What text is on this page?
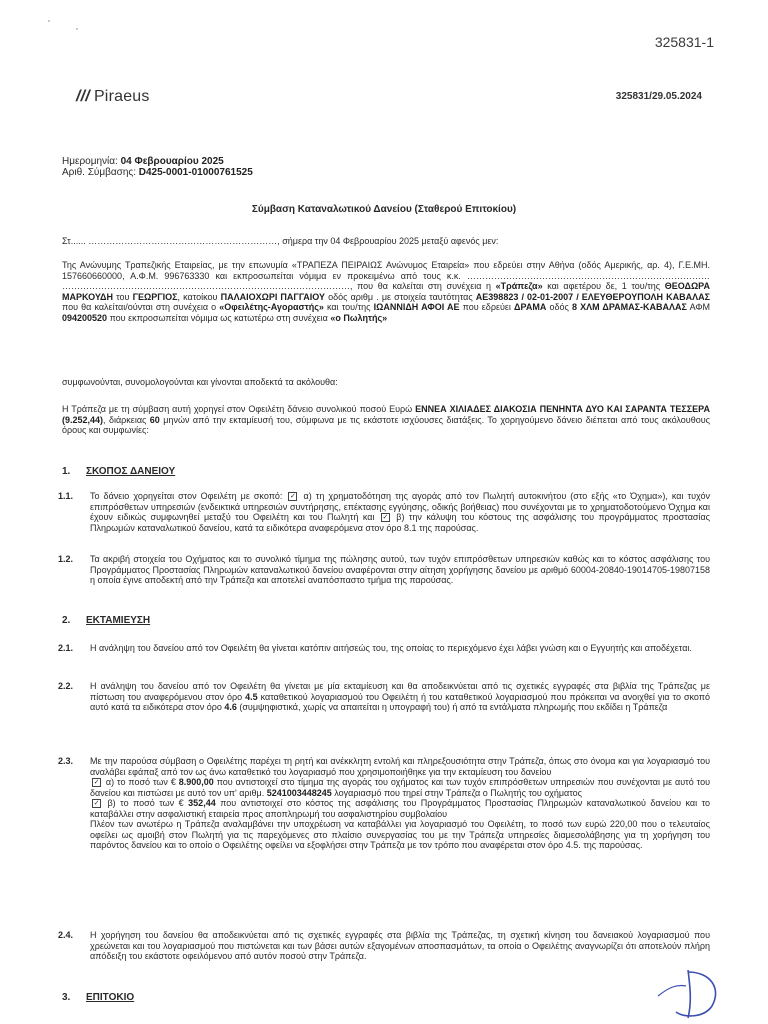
325831-1
/// Piraeus	325831/29.05.2024
Ημερομηνία: 04 Φεβρουαρίου 2025
Αριθ. Σύμβασης: D425-0001-01000761525
Σύμβαση Καταναλωτικού Δανείου (Σταθερού Επιτοκίου)
Στ...... ………………………………………………………, σήμερα την 04 Φεβρουαρίου 2025 μεταξύ αφενός μεν:
Της Ανώνυμης Τραπεζικής Εταιρείας, με την επωνυμία «ΤΡΑΠΕΖΑ ΠΕΙΡΑΙΩΣ Ανώνυμος Εταιρεία» που εδρεύει στην Αθήνα (οδός Αμερικής, αρ. 4), Γ.Ε.ΜΗ. 157660660000, Α.Φ.Μ. 996763330 και εκπροσωπείται νόμιμα εν προκειμένω από τους κ.κ. ……………………………………………………………………… ……………………………………………………………………………………, που θα καλείται στη συνέχεια η «Τράπεζα» και αφετέρου δε, 1 του/της ΘΕΟΔΩΡΑ ΜΑΡΚΟΥΔΗ του ΓΕΩΡΓΙΟΣ, κατοίκου ΠΑΛΑΙΟΧΩΡΙ ΠΑΓΓΑΙΟΥ οδός αριθμ . με στοιχεία ταυτότητας ΑΕ398823 / 02-01-2007 / ΕΛΕΥΘΕΡΟΥΠΟΛΗ ΚΑΒΑΛΑΣ που θα καλείται/ούνται στη συνέχεια ο «Οφειλέτης-Αγοραστής» και του/της ΙΩΑΝΝΙΔΗ ΑΦΟΙ ΑΕ που εδρεύει ΔΡΑΜΑ οδός 8 ΧΛΜ ΔΡΑΜΑΣ-ΚΑΒΑΛΑΣ ΑΦΜ 094200520 που εκπροσωπείται νόμιμα ως κατωτέρω στη συνέχεια «ο Πωλητής»
συμφωνούνται, συνομολογούνται και γίνονται αποδεκτά τα ακόλουθα:
Η Τράπεζα με τη σύμβαση αυτή χορηγεί στον Οφειλέτη δάνειο συνολικού ποσού Ευρώ ΕΝΝΕΑ ΧΙΛΙΑΔΕΣ ΔΙΑΚΟΣΙΑ ΠΕΝΗΝΤΑ ΔΥΟ ΚΑΙ ΣΑΡΑΝΤΑ ΤΕΣΣΕΡΑ (9.252,44), διάρκειας 60 μηνών από την εκταμίευσή του, σύμφωνα με τις εκάστοτε ισχύουσες διατάξεις. Το χορηγούμενο δάνειο διέπεται από τους ακόλουθους όρους και συμφωνίες:
1. ΣΚΟΠΟΣ ΔΑΝΕΙΟΥ
1.1. Το δάνειο χορηγείται στον Οφειλέτη με σκοπό: ✓ α) τη χρηματοδότηση της αγοράς από τον Πωλητή αυτοκινήτου (στο εξής «το Όχημα»), και τυχόν επιπρόσθετων υπηρεσιών (ενδεικτικά υπηρεσιών συντήρησης, επέκτασης εγγύησης, οδικής βοήθειας) που συνέχονται με το χρηματοδοτούμενο Όχημα και έχουν ειδικώς συμφωνηθεί μεταξύ του Οφειλέτη και του Πωλητή και ✓ β) την κάλυψη του κόστους της ασφάλισης του προγράμματος προστασίας Πληρωμών καταναλωτικού δανείου, κατά τα ειδικότερα αναφερόμενα στον όρο 8.1 της παρούσας.
1.2. Τα ακριβή στοιχεία του Οχήματος και το συνολικό τίμημα της πώλησης αυτού, των τυχόν επιπρόσθετων υπηρεσιών καθώς και το κόστος ασφάλισης του Προγράμματος Προστασίας Πληρωμών καταναλωτικού δανείου αναφέρονται στην αίτηση χορήγησης δανείου με αριθμό 60004-20840-19014705-19807158 η οποία έγινε αποδεκτή από την Τράπεζα και αποτελεί αναπόσπαστο τμήμα της παρούσας.
2. ΕΚΤΑΜΙΕΥΣΗ
2.1. Η ανάληψη του δανείου από τον Οφειλέτη θα γίνεται κατόπιν αιτήσεώς του, της οποίας το περιεχόμενο έχει λάβει γνώση και ο Εγγυητής και αποδέχεται.
2.2. Η ανάληψη του δανείου από τον Οφειλέτη θα γίνεται με μία εκταμίευση και θα αποδεικνύεται από τις σχετικές εγγραφές στα βιβλία της Τράπεζας με πίστωση του αναφερόμενου στον όρο 4.5 καταθετικού λογαριασμού του Οφειλέτη ή του καταθετικού λογαριασμού που πρόκειται να ανοιχθεί για το σκοπό αυτό κατά τα ειδικότερα στον όρο 4.6 (συμψηφιστικά, χωρίς να απαιτείται η υπογραφή του) ή από τα εντάλματα πληρωμής που εκδίδει η Τράπεζα
2.3. Με την παρούσα σύμβαση ο Οφειλέτης παρέχει τη ρητή και ανέκκλητη εντολή και πληρεξουσιότητα στην Τράπεζα, όπως στο όνομα και για λογαριασμό του αναλάβει εφάπαξ από τον ως άνω καταθετικό του λογαριασμό που χρησιμοποιήθηκε για την εκταμίευση του δανείου
✓ α) το ποσό των € 8.900,00 που αντιστοιχεί στο τίμημα της αγοράς του οχήματος και των τυχόν επιπρόσθετων υπηρεσιών που συνέχονται με αυτό του δανείου και πιστώσει με αυτό τον υπ' αριθμ. 5241003448245 λογαριασμό που τηρεί στην Τράπεζα ο Πωλητής του οχήματος
✓ β) το ποσό των € 352,44 που αντιστοιχεί στο κόστος της ασφάλισης του Προγράμματος Προστασίας Πληρωμών καταναλωτικού δανείου και το καταβάλλει στην ασφαλιστική εταιρεία προς αποπληρωμή του ασφαλιστηρίου συμβολαίου
Πλέον των ανωτέρω η Τράπεζα αναλαμβάνει την υποχρέωση να καταβάλλει για λογαριασμό του Οφειλέτη, το ποσό των ευρώ 220,00 που ο τελευταίος οφείλει ως αμοιβή στον Πωλητή για τις παρεχόμενες στο πλαίσιο συνεργασίας του με την Τράπεζα υπηρεσίες διαμεσολάβησης για τη χορήγηση του παρόντος δανείου και το οποίο ο Οφειλέτης οφείλει να εξοφλήσει στην Τράπεζα με τον τρόπο που αναφέρεται στον όρο 4.5. της παρούσας.
2.4. Η χορήγηση του δανείου θα αποδεικνύεται από τις σχετικές εγγραφές στα βιβλία της Τράπεζας, τη σχετική κίνηση του δανειακού λογαριασμού που χρεώνεται και του λογαριασμού που πιστώνεται και των βάσει αυτών εξαγομένων αποσπασμάτων, τα οποία ο Οφειλέτης αναγνωρίζει ότι αποτελούν πλήρη απόδειξη του εκάστοτε οφειλόμενου από αυτόν ποσού στην Τράπεζα.
3. ΕΠΙΤΟΚΙΟ
